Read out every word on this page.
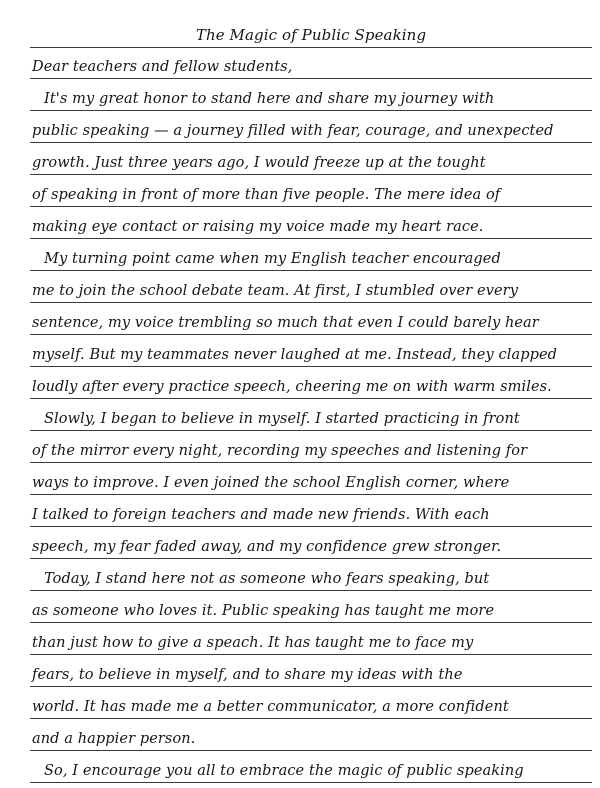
The Magic of Public Speaking
Dear teachers and fellow students,
It's my great honor to stand here and share my journey with
public speaking — a journey filled with fear, courage, and unexpected
growth. Just three years ago, I would freeze up at the tought
of speaking in front of more than five people. The mere idea of
making eye contact or raising my voice made my heart race.
My turning point came when my English teacher encouraged
me to join the school debate team. At first, I stumbled over every
sentence, my voice trembling so much that even I could barely hear
myself. But my teammates never laughed at me. Instead, they clapped
loudly after every practice speech, cheering me on with warm smiles.
Slowly, I began to believe in myself. I started practicing in front
of the mirror every night, recording my speeches and listening for
ways to improve. I even joined the school English corner, where
I talked to foreign teachers and made new friends. With each
speech, my fear faded away, and my confidence grew stronger.
Today, I stand here not as someone who fears speaking, but
as someone who loves it. Public speaking has taught me more
than just how to give a speach. It has taught me to face my
fears, to believe in myself, and to share my ideas with the
world. It has made me a better communicator, a more confident
and a happier person.
So, I encourage you all to embrace the magic of public speaking
